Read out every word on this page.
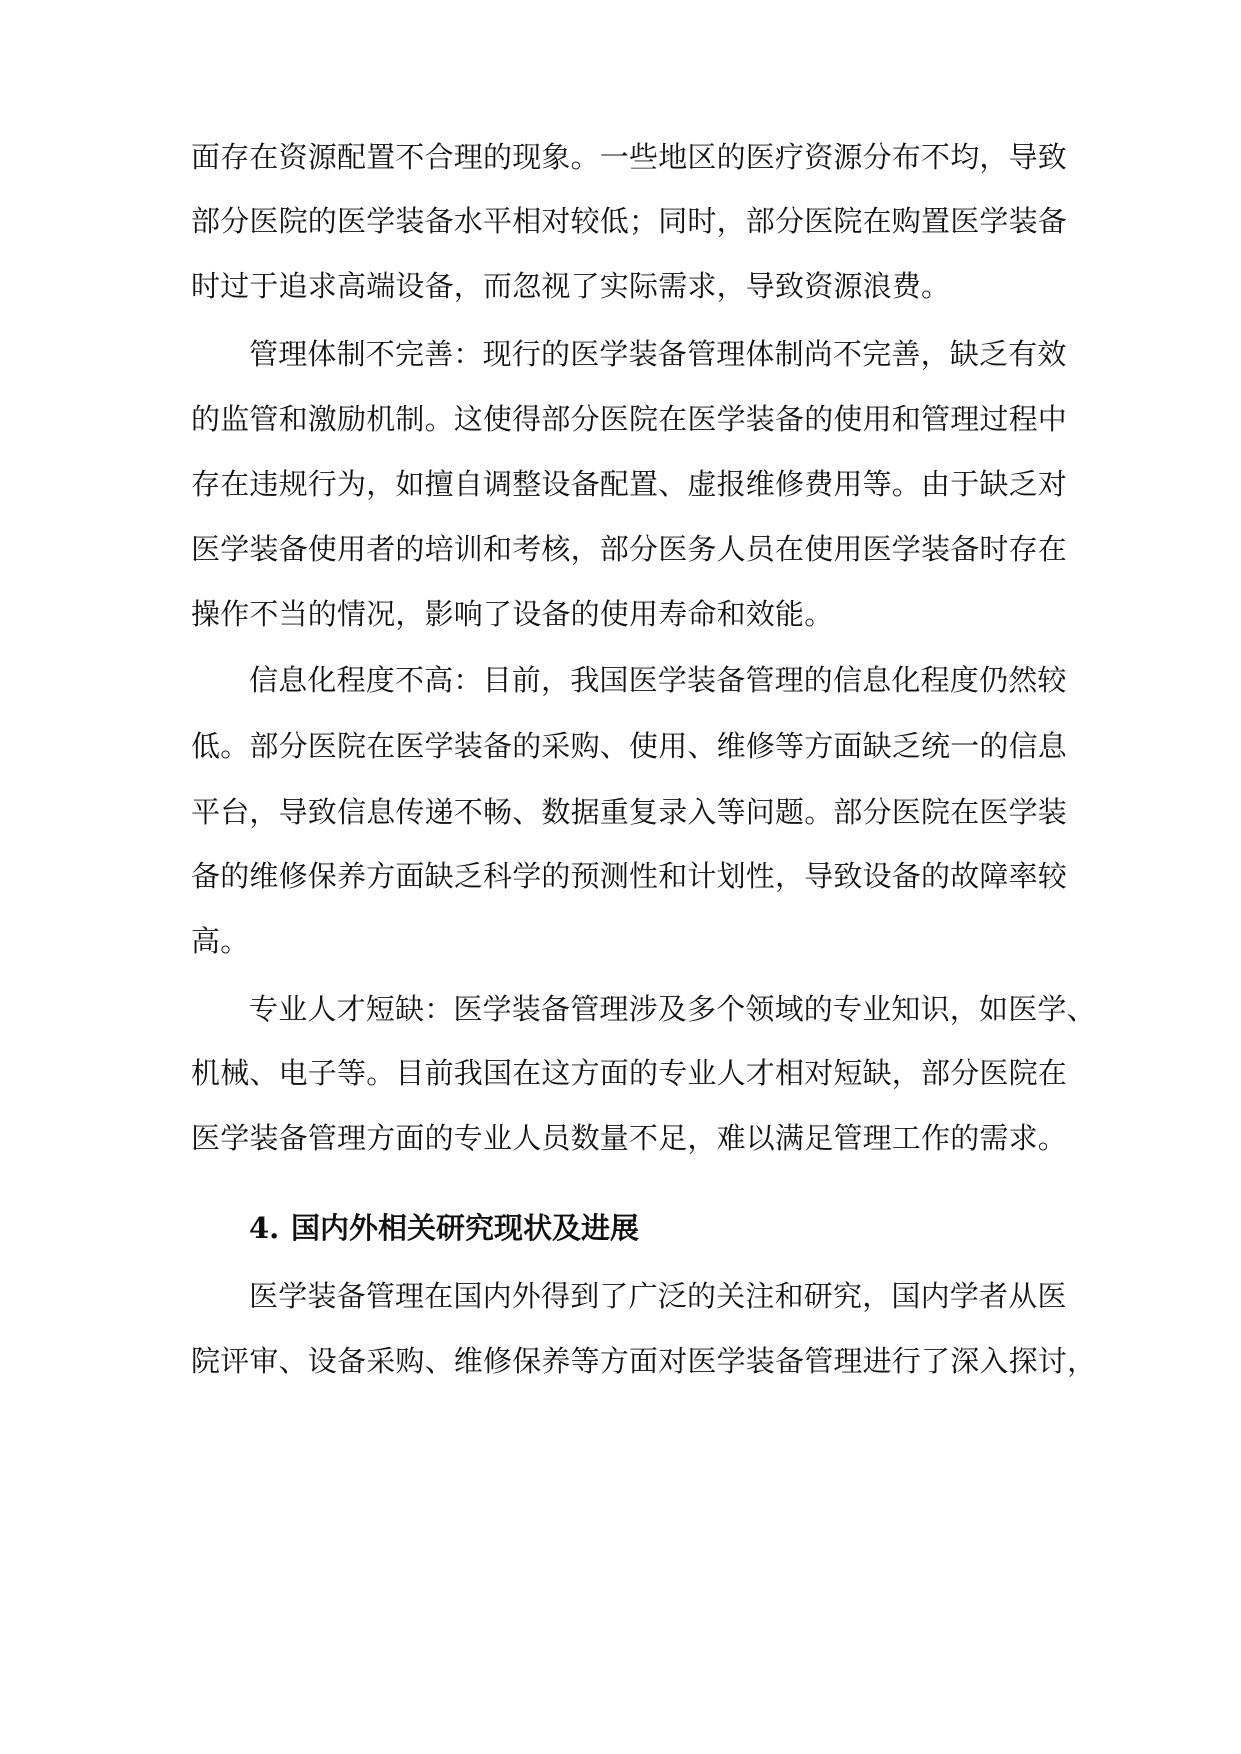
面存在资源配置不合理的现象。一些地区的医疗资源分布不均，导致
部分医院的医学装备水平相对较低；同时，部分医院在购置医学装备
时过于追求高端设备，而忽视了实际需求，导致资源浪费。
管理体制不完善：现行的医学装备管理体制尚不完善，缺乏有效
的监管和激励机制。这使得部分医院在医学装备的使用和管理过程中
存在违规行为，如擅自调整设备配置、虚报维修费用等。由于缺乏对
医学装备使用者的培训和考核，部分医务人员在使用医学装备时存在
操作不当的情况，影响了设备的使用寿命和效能。
信息化程度不高：目前，我国医学装备管理的信息化程度仍然较
低。部分医院在医学装备的采购、使用、维修等方面缺乏统一的信息
平台，导致信息传递不畅、数据重复录入等问题。部分医院在医学装
备的维修保养方面缺乏科学的预测性和计划性，导致设备的故障率较
高。
专业人才短缺：医学装备管理涉及多个领域的专业知识，如医学、
机械、电子等。目前我国在这方面的专业人才相对短缺，部分医院在
医学装备管理方面的专业人员数量不足，难以满足管理工作的需求。
4. 国内外相关研究现状及进展
医学装备管理在国内外得到了广泛的关注和研究，国内学者从医
院评审、设备采购、维修保养等方面对医学装备管理进行了深入探讨，
